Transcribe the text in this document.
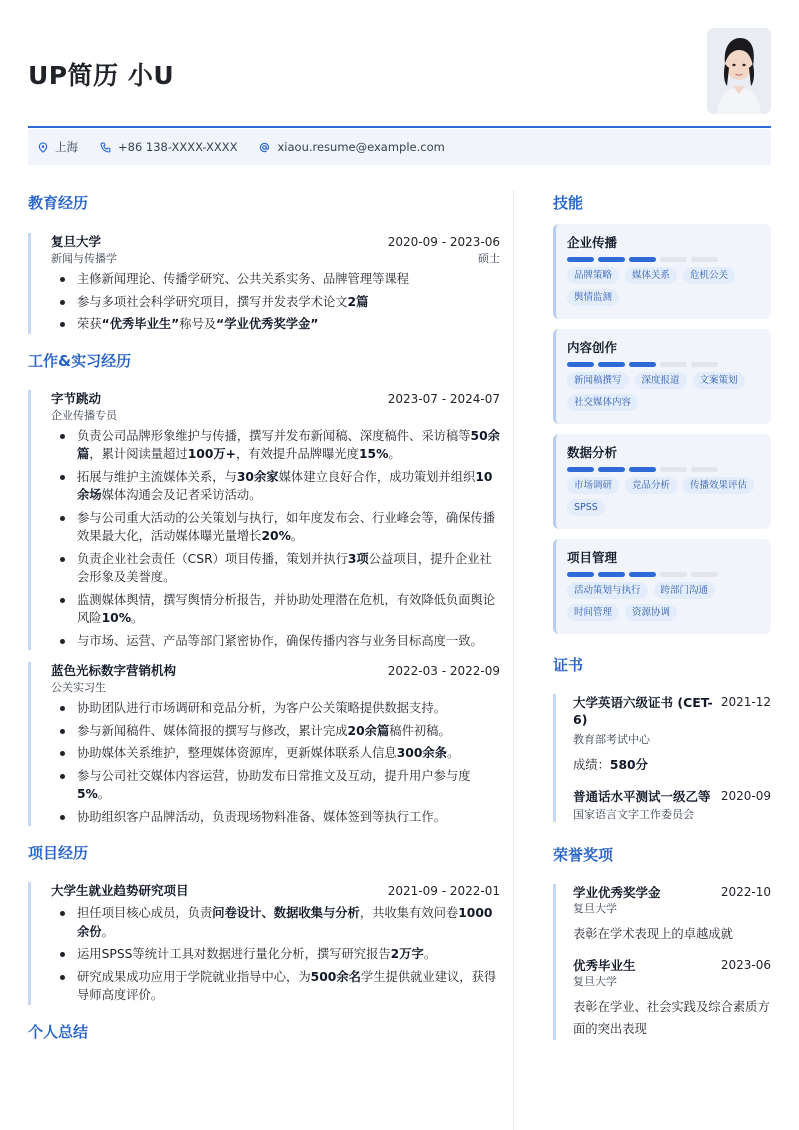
UP简历 小U
上海	+86 138-XXXX-XXXX	xiaou.resume@example.com
教育经历
复旦大学	2020-09 - 2023-06
新闻与传播学	硕士
主修新闻理论、传播学研究、公共关系实务、品牌管理等课程
参与多项社会科学研究项目，撰写并发表学术论文2篇
荣获“优秀毕业生”称号及“学业优秀奖学金”
工作&实习经历
字节跳动	2023-07 - 2024-07
企业传播专员
负责公司品牌形象维护与传播，撰写并发布新闻稿、深度稿件、采访稿等50余篇，累计阅读量超过100万+，有效提升品牌曝光度15%。
拓展与维护主流媒体关系，与30余家媒体建立良好合作，成功策划并组织10余场媒体沟通会及记者采访活动。
参与公司重大活动的公关策划与执行，如年度发布会、行业峰会等，确保传播效果最大化，活动媒体曝光量增长20%。
负责企业社会责任（CSR）项目传播，策划并执行3项公益项目，提升企业社会形象及美誉度。
监测媒体舆情，撰写舆情分析报告，并协助处理潜在危机，有效降低负面舆论风险10%。
与市场、运营、产品等部门紧密协作，确保传播内容与业务目标高度一致。
蓝色光标数字营销机构	2022-03 - 2022-09
公关实习生
协助团队进行市场调研和竞品分析，为客户公关策略提供数据支持。
参与新闻稿件、媒体简报的撰写与修改，累计完成20余篇稿件初稿。
协助媒体关系维护，整理媒体资源库，更新媒体联系人信息300余条。
参与公司社交媒体内容运营，协助发布日常推文及互动，提升用户参与度5%。
协助组织客户品牌活动，负责现场物料准备、媒体签到等执行工作。
项目经历
大学生就业趋势研究项目	2021-09 - 2022-01
担任项目核心成员，负责问卷设计、数据收集与分析，共收集有效问卷1000余份。
运用SPSS等统计工具对数据进行量化分析，撰写研究报告2万字。
研究成果成功应用于学院就业指导中心，为500余名学生提供就业建议，获得导师高度评价。
个人总结
技能
企业传播
品牌策略	媒体关系	危机公关
舆情监测
内容创作
新闻稿撰写	深度报道	文案策划
社交媒体内容
数据分析
市场调研	竞品分析	传播效果评估
SPSS
项目管理
活动策划与执行	跨部门沟通
时间管理	资源协调
证书
大学英语六级证书 (CET-6)
2021-12
教育部考试中心
成绩：580分
普通话水平测试一级乙等 2020-09
国家语言文字工作委员会
荣誉奖项
学业优秀奖学金	2022-10
复旦大学
表彰在学术表现上的卓越成就
优秀毕业生	2023-06
复旦大学
表彰在学业、社会实践及综合素质方面的突出表现
